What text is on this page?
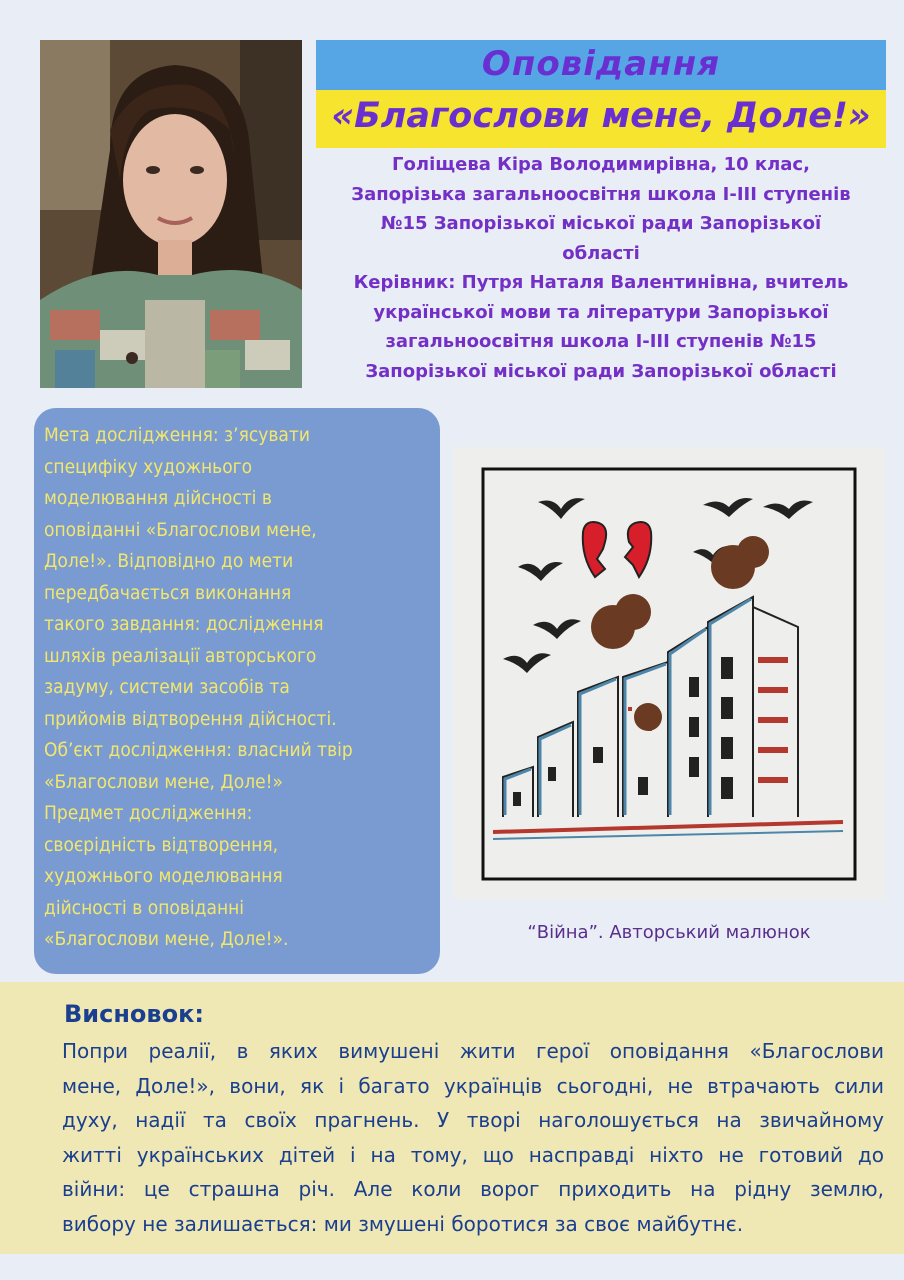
Оповідання
«Благослови мене, Доле!»

Голіщева Кіра Володимирівна, 10 клас,

Запорізька загальноосвітня школа І-ІІІ ступенів

№15 Запорізької міської ради Запорізької

області

Керівник: Путря Наталя Валентинівна, вчитель

української мови та літератури Запорізької

загальноосвітня школа І-ІІІ ступенів №15

Запорізької міської ради Запорізької області

Мета дослідження: з’ясувати
специфіку художнього
моделювання дійсності в
оповіданні «Благослови мене,
Доле!». Відповідно до мети
передбачається виконання
такого завдання: дослідження
шляхів реалізації авторського
задуму, системи засобів та
прийомів відтворення дійсності.
Об’єкт дослідження: власний твір
«Благослови мене, Доле!»
Предмет дослідження:
своєрідність відтворення,
художнього моделювання
дійсності в оповіданні
«Благослови мене, Доле!».	“Війна”. Авторський малюнок
Висновок:
Попри реалії, в яких вимушені жити герої оповідання «Благослови
мене, Доле!», вони, як і багато українців сьогодні, не втрачають сили
духу, надії та своїх прагнень. У творі наголошується на звичайному
житті українських дітей і на тому, що насправді ніхто не готовий до
війни: це страшна річ. Але коли ворог приходить на рідну землю,
вибору не залишається: ми змушені боротися за своє майбутнє.
